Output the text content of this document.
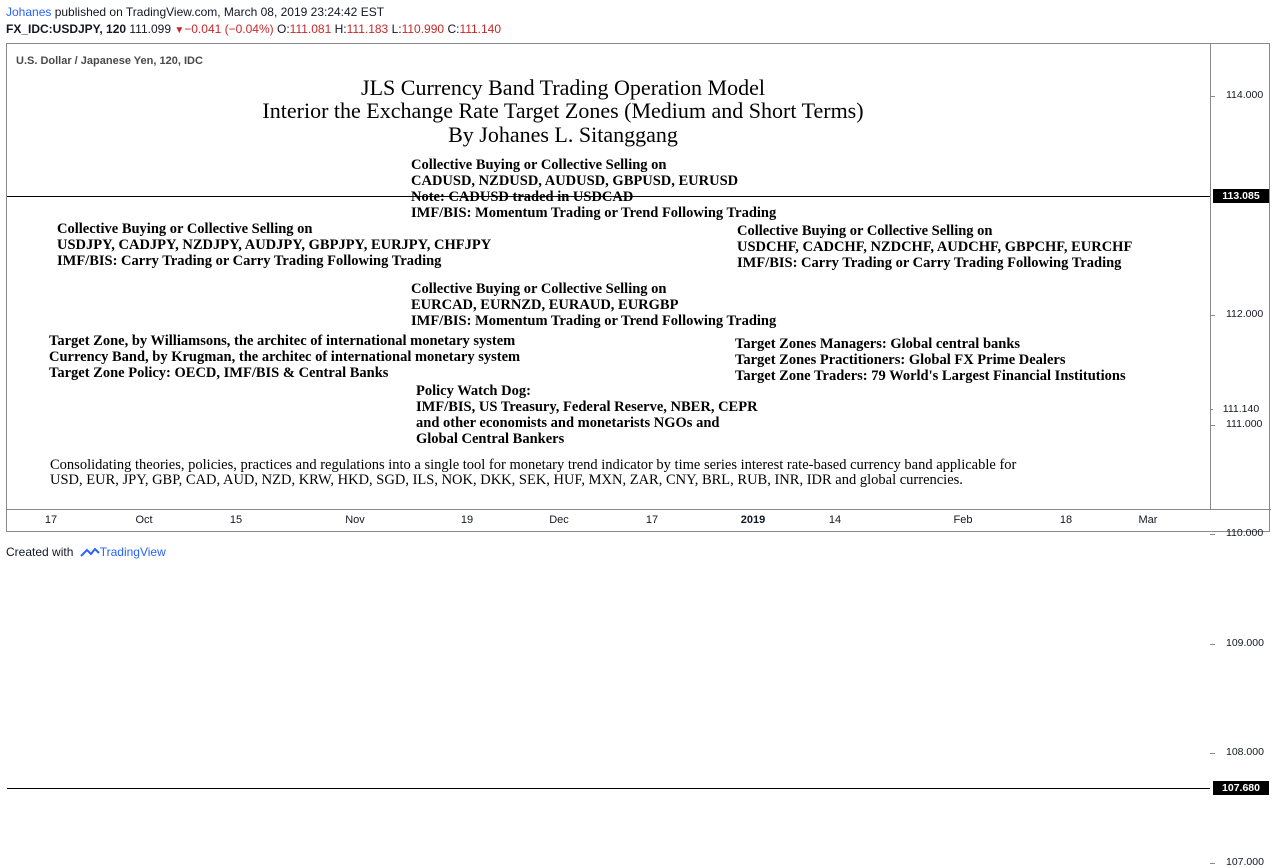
Johanes published on TradingView.com, March 08, 2019 23:24:42 EST
FX_IDC:USDJPY, 120 111.099 ▼−0.041 (−0.04%) O:111.081 H:111.183 L:110.990 C:111.140
U.S. Dollar / Japanese Yen, 120, IDC
113.085
107.680
111.140
114.000
112.000
111.000
110.000
109.000
108.000
107.000
17	Oct	15	Nov	19	Dec	17	2019	14	Feb	18	Mar
JLS Currency Band Trading Operation Model
Interior the Exchange Rate Target Zones (Medium and Short Terms)
By Johanes L. Sitanggang
Collective Buying or Collective Selling on
CADUSD, NZDUSD, AUDUSD, GBPUSD, EURUSD
Note: CADUSD traded in USDCAD
IMF/BIS: Momentum Trading or Trend Following Trading
Collective Buying or Collective Selling on
USDJPY, CADJPY, NZDJPY, AUDJPY, GBPJPY, EURJPY, CHFJPY
IMF/BIS: Carry Trading or Carry Trading Following Trading
Collective Buying or Collective Selling on
USDCHF, CADCHF, NZDCHF, AUDCHF, GBPCHF, EURCHF
IMF/BIS: Carry Trading or Carry Trading Following Trading
Collective Buying or Collective Selling on
EURCAD, EURNZD, EURAUD, EURGBP
IMF/BIS: Momentum Trading or Trend Following Trading
Target Zone, by Williamsons, the architec of international monetary system
Currency Band, by Krugman, the architec of international monetary system
Target Zone Policy: OECD, IMF/BIS & Central Banks
Target Zones Managers: Global central banks
Target Zones Practitioners: Global FX Prime Dealers
Target Zone Traders: 79 World's Largest Financial Institutions
Policy Watch Dog:
IMF/BIS, US Treasury, Federal Reserve, NBER, CEPR
and other economists and monetarists NGOs and
Global Central Bankers
Consolidating theories, policies, practices and regulations into a single tool for monetary trend indicator by time series interest rate-based currency band applicable for
USD, EUR, JPY, GBP, CAD, AUD, NZD, KRW, HKD, SGD, ILS, NOK, DKK, SEK, HUF, MXN, ZAR, CNY, BRL, RUB, INR, IDR and global currencies.
Created with TradingView
